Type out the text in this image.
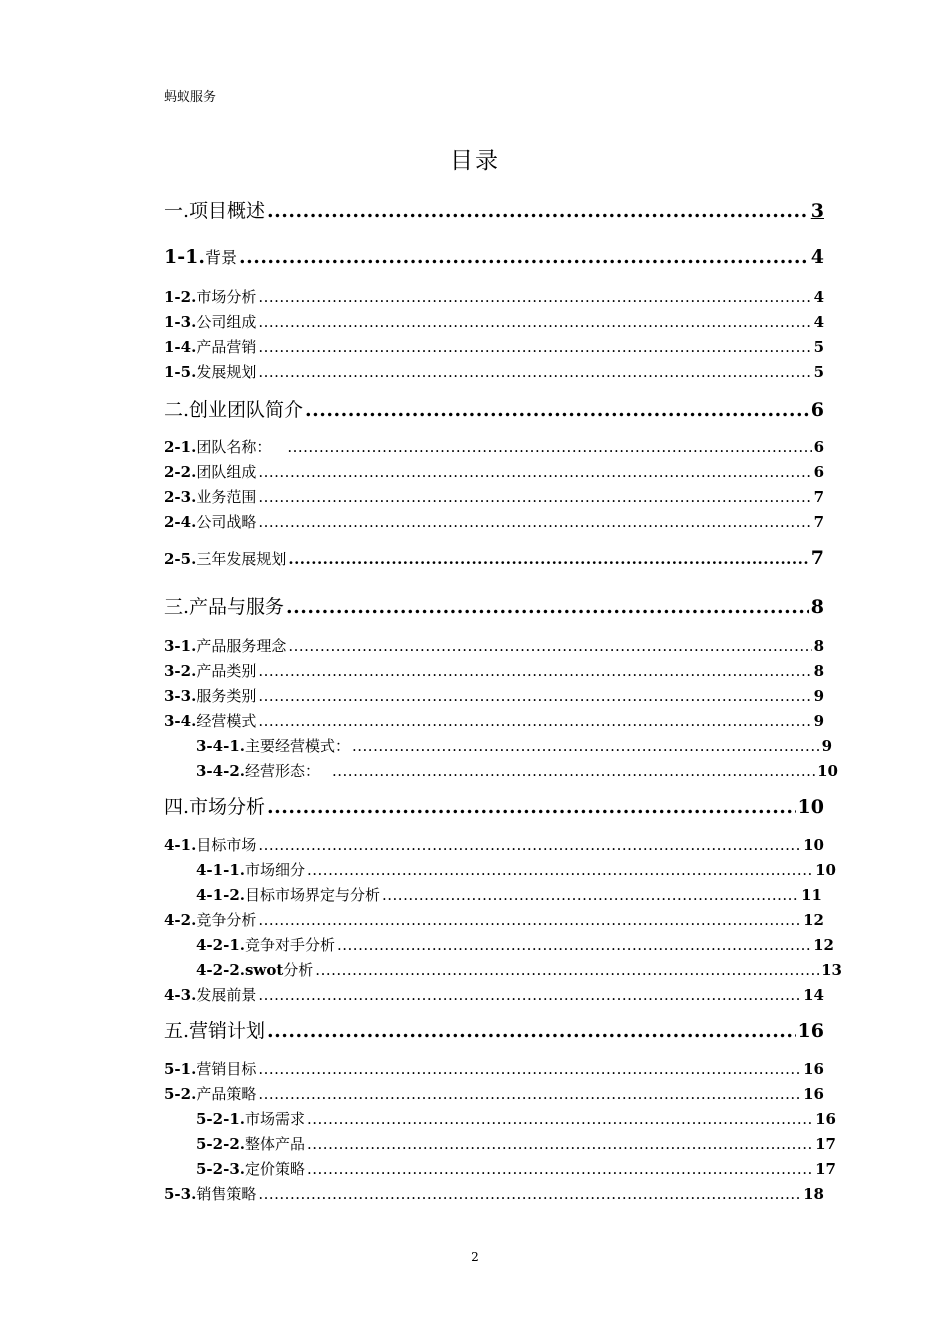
蚂蚁服务
目录
一.项目概述 .....	3
1-1. 背景 .....	4
1-2. 市场分析 .....	4
1-3. 公司组成 .....	4
1-4. 产品营销 .....	5
1-5. 发展规划 .....	5
二.创业团队简介 .....	6
2-1. 团队名称： .....	6
2-2. 团队组成 .....	6
2-3. 业务范围 .....	7
2-4. 公司战略 .....	7
2-5. 三年发展规划 .....	7
三.产品与服务 .....	8
3-1. 产品服务理念 .....	8
3-2. 产品类别 .....	8
3-3. 服务类别 .....	9
3-4. 经营模式 .....	9
3-4-1. 主要经营模式： .....	9
3-4-2. 经营形态： .....	10
四.市场分析 .....	10
4-1. 目标市场 .....	10
4-1-1. 市场细分 .....	10
4-1-2. 目标市场界定与分析 .....	11
4-2. 竞争分析 .....	12
4-2-1. 竞争对手分析 .....	12
4-2-2.swot 分析 .....	13
4-3. 发展前景 .....	14
五.营销计划 .....	16
5-1. 营销目标 .....	16
5-2. 产品策略 .....	16
5-2-1. 市场需求 .....	16
5-2-2. 整体产品 .....	17
5-2-3. 定价策略 .....	17
5-3. 销售策略 .....	18
2
